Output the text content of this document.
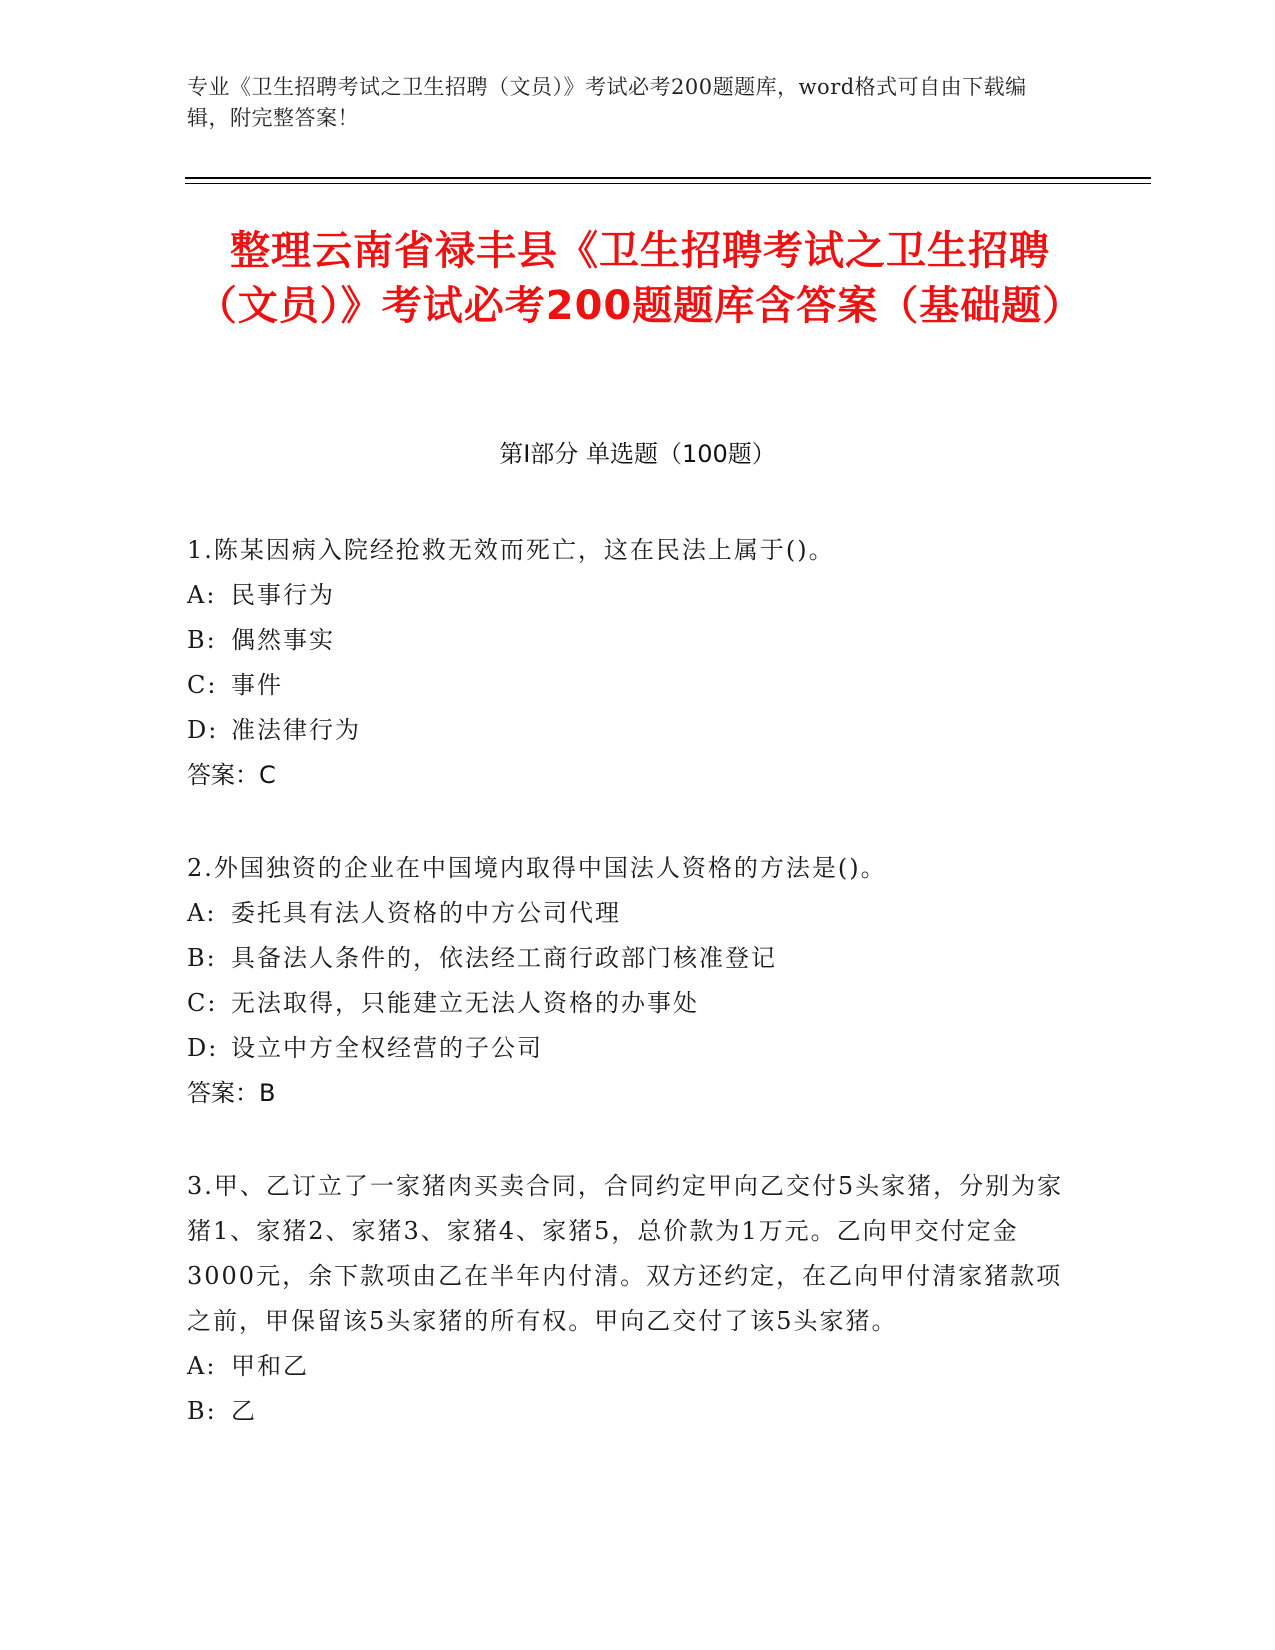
专业《卫生招聘考试之卫生招聘（文员）》考试必考200题题库，word格式可自由下载编辑，附完整答案！
整理云南省禄丰县《卫生招聘考试之卫生招聘（文员）》考试必考200题题库含答案（基础题）
第I部分 单选题（100题）
1.陈某因病入院经抢救无效而死亡，这在民法上属于()。
A: 民事行为
B: 偶然事实
C: 事件
D: 准法律行为
答案：C
2.外国独资的企业在中国境内取得中国法人资格的方法是()。
A: 委托具有法人资格的中方公司代理
B: 具备法人条件的，依法经工商行政部门核准登记
C: 无法取得，只能建立无法人资格的办事处
D: 设立中方全权经营的子公司
答案：B
3.甲、乙订立了一家猪肉买卖合同，合同约定甲向乙交付5头家猪，分别为家猪1、家猪2、家猪3、家猪4、家猪5，总价款为1万元。乙向甲交付定金3000元，余下款项由乙在半年内付清。双方还约定，在乙向甲付清家猪款项之前，甲保留该5头家猪的所有权。甲向乙交付了该5头家猪。
A: 甲和乙
B: 乙
